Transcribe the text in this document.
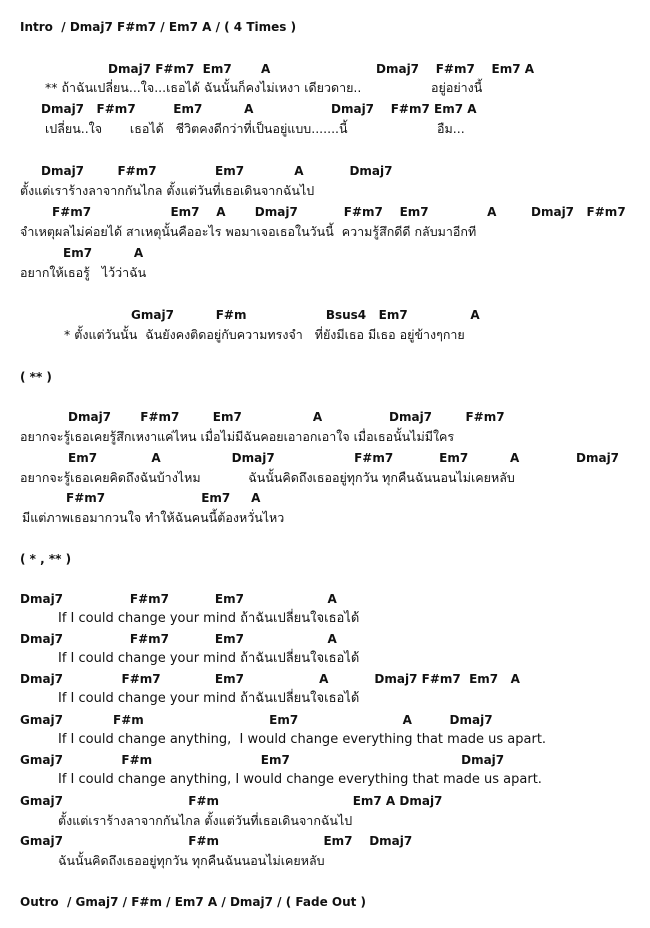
Intro  / Dmaj7 F#m7 / Em7 A / ( 4 Times )
Dmaj7 F#m7  Em7       A	Dmaj7    F#m7    Em7 A
** ถ้าฉันเปลี่ยน...ใจ...เธอได้ ฉันนั้นก็คงไม่เหงา เดียวดาย..	อยู่อย่างนี้
Dmaj7   F#m7         Em7          A	Dmaj7    F#m7 Em7 A
เปลี่ยน..ใจ       เธอได้   ชีวิตคงดีกว่าที่เป็นอยู่แบบ.......นี้	อืม...
Dmaj7        F#m7              Em7            A           Dmaj7
ตั้งแต่เราร้างลาจากกันไกล ตั้งแต่วันที่เธอเดินจากฉันไป
F#m7                   Em7    A       Dmaj7           F#m7    Em7              A	Dmaj7   F#m7
จำเหตุผลไม่ค่อยได้ สาเหตุนั้นคืออะไร พอมาเจอเธอในวันนี้  ความรู้สึกดีดี กลับมาอีกที
Em7          A
อยากให้เธอรู้   ไว้ว่าฉัน
Gmaj7          F#m                   Bsus4   Em7               A
* ตั้งแต่วันนั้น  ฉันยังคงติดอยู่กับความทรงจำ   ที่ยังมีเธอ มีเธอ อยู่ข้างๆกาย
( ** )
Dmaj7       F#m7        Em7                 A                Dmaj7        F#m7
อยากจะรู้เธอเคยรู้สึกเหงาแค่ไหน เมื่อไม่มีฉันคอยเอาอกเอาใจ เมื่อเธอนั้นไม่มีใคร
Em7             A                 Dmaj7                   F#m7           Em7          A	Dmaj7
อยากจะรู้เธอเคยคิดถึงฉันบ้างไหม            ฉันนั้นคิดถึงเธออยู่ทุกวัน ทุกคืนฉันนอนไม่เคยหลับ
F#m7                       Em7     A
มีแต่ภาพเธอมากวนใจ ทำให้ฉันคนนี้ต้องหวั่นไหว
( * , ** )
Dmaj7                F#m7           Em7                    A
If I could change your mind ถ้าฉันเปลี่ยนใจเธอได้
Dmaj7                F#m7           Em7                    A
If I could change your mind ถ้าฉันเปลี่ยนใจเธอได้
Dmaj7              F#m7             Em7                  A           Dmaj7 F#m7  Em7   A
If I could change your mind ถ้าฉันเปลี่ยนใจเธอได้
Gmaj7            F#m                              Em7                         A         Dmaj7
If I could change anything,  I would change everything that made us apart.
Gmaj7              F#m                          Em7                                         Dmaj7
If I could change anything, I would change everything that made us apart.
Gmaj7                              F#m                                Em7 A Dmaj7
ตั้งแต่เราร้างลาจากกันไกล ตั้งแต่วันที่เธอเดินจากฉันไป
Gmaj7                              F#m                         Em7    Dmaj7
ฉันนั้นคิดถึงเธออยู่ทุกวัน ทุกคืนฉันนอนไม่เคยหลับ
Outro  / Gmaj7 / F#m / Em7 A / Dmaj7 / ( Fade Out )
